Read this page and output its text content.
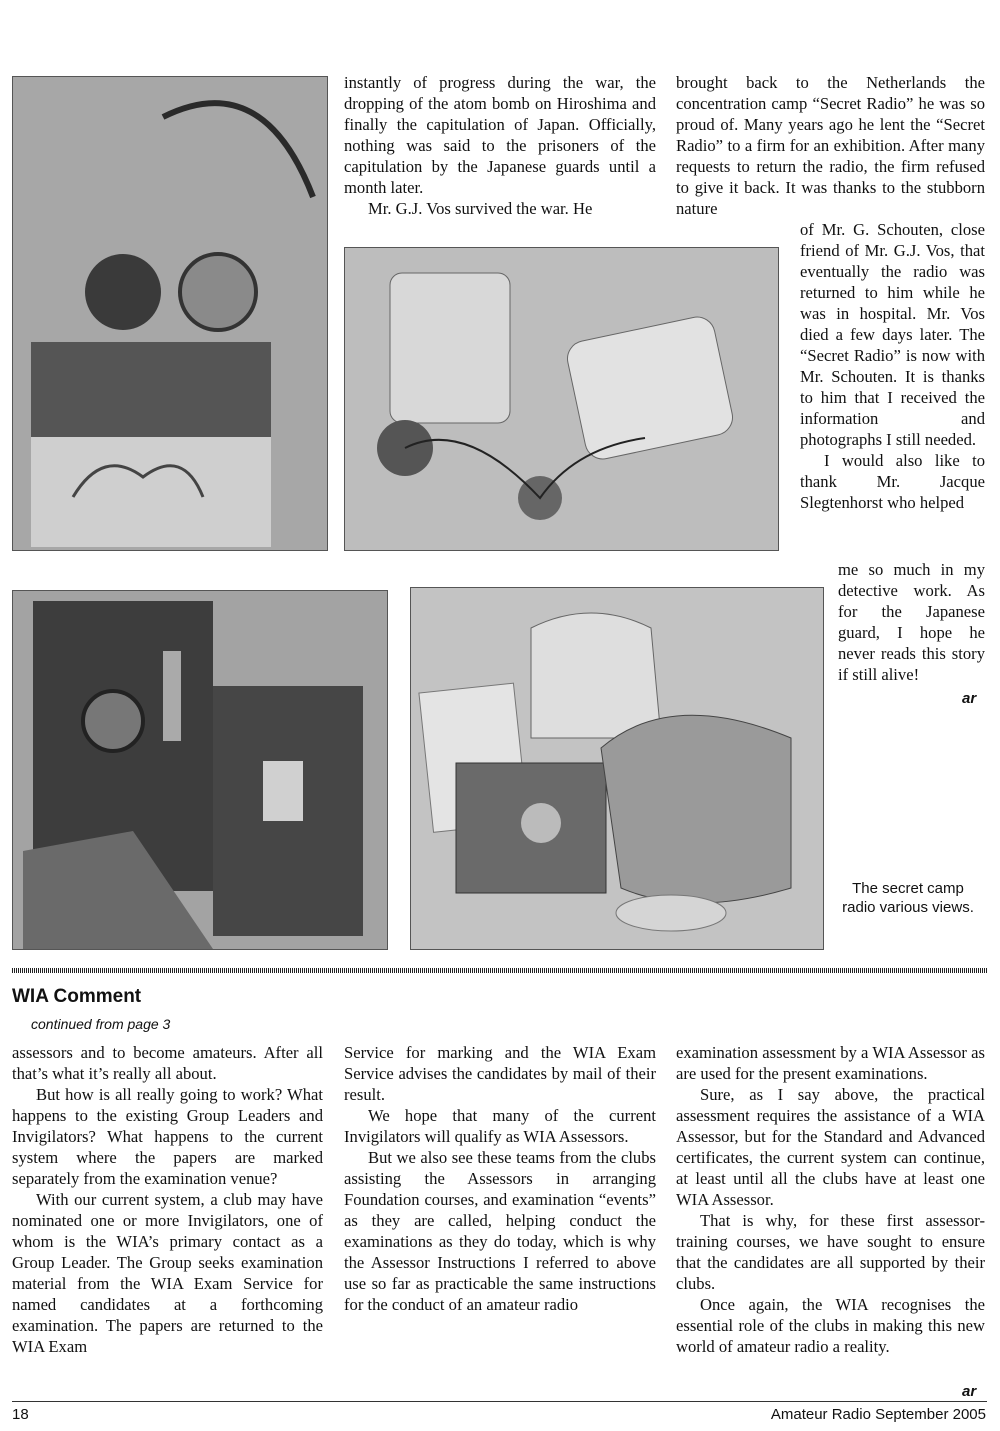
instantly of progress during the war, the dropping of the atom bomb on Hiroshima and finally the capitulation of Japan. Officially, nothing was said to the prisoners of the capitulation by the Japanese guards until a month later.

Mr. G.J. Vos survived the war. He

brought back to the Netherlands the concentration camp “Secret Radio” he was so proud of. Many years ago he lent the “Secret Radio” to a firm for an exhibition. After many requests to return the radio, the firm refused to give it back. It was thanks to the stubborn nature

of Mr. G. Schouten, close friend of Mr. G.J. Vos, that eventually the radio was returned to him while he was in hospital. Mr. Vos died a few days later. The “Secret Radio” is now with Mr. Schouten. It is thanks to him that I received the information and photographs I still needed.

I would also like to thank Mr. Jacque Slegtenhorst who helped

me so much in my detective work. As for the Japanese guard, I hope he never reads this story if still alive!

ar
The secret camp radio various views.
WIA Comment
continued from page 3

assessors and to become amateurs. After all that’s what it’s really all about.

But how is all really going to work? What happens to the existing Group Leaders and Invigilators? What happens to the current system where the papers are marked separately from the examination venue?

With our current system, a club may have nominated one or more Invigilators, one of whom is the WIA’s primary contact as a Group Leader. The Group seeks examination material from the WIA Exam Service for named candidates at a forthcoming examination. The papers are returned to the WIA Exam

Service for marking and the WIA Exam Service advises the candidates by mail of their result.

We hope that many of the current Invigilators will qualify as WIA Assessors.

But we also see these teams from the clubs assisting the Assessors in arranging Foundation courses, and examination “events” as they are called, helping conduct the examinations as they do today, which is why the Assessor Instructions I referred to above use so far as practicable the same instructions for the conduct of an amateur radio

examination assessment by a WIA Assessor as are used for the present examinations.

Sure, as I say above, the practical assessment requires the assistance of a WIA Assessor, but for the Standard and Advanced certificates, the current system can continue, at least until all the clubs have at least one WIA Assessor.

That is why, for these first assessor-training courses, we have sought to ensure that the candidates are all supported by their clubs.

Once again, the WIA recognises the essential role of the clubs in making this new world of amateur radio a reality.

ar
18	Amateur Radio September 2005
